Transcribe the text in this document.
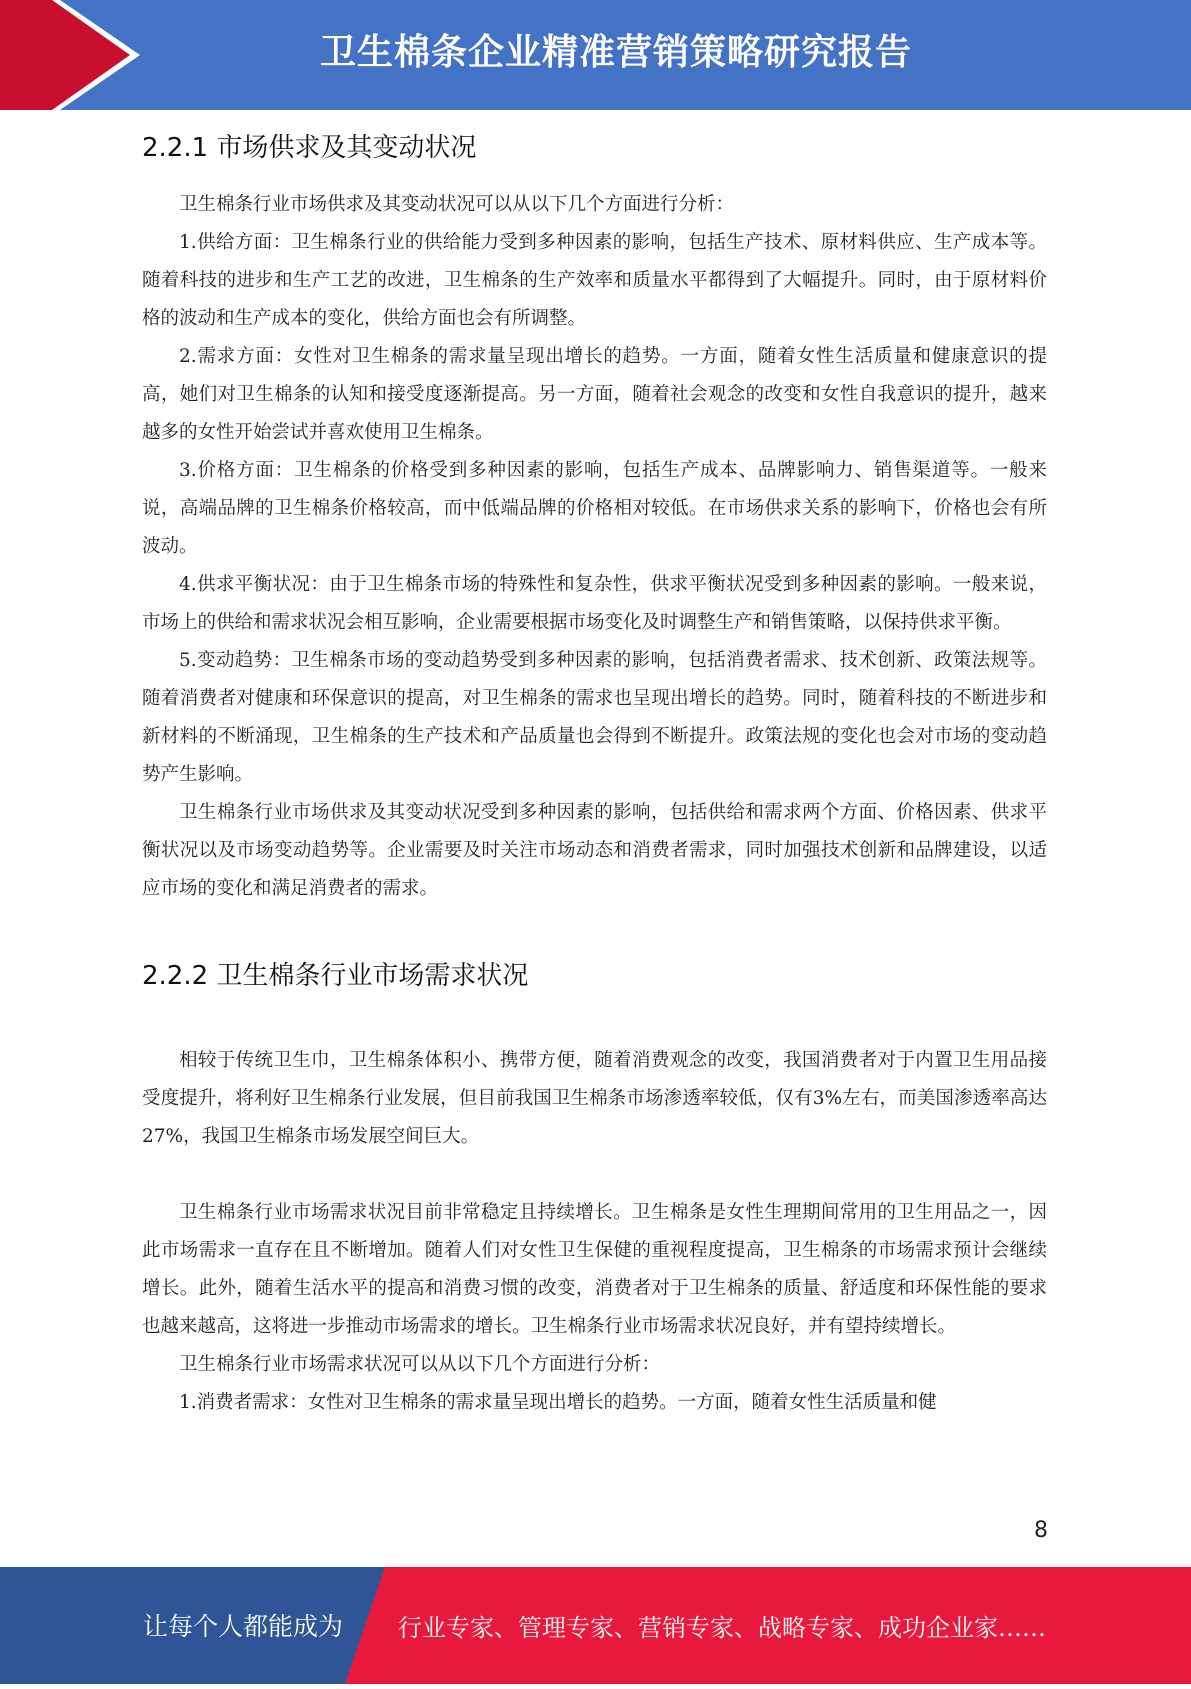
卫生棉条企业精准营销策略研究报告
2.2.1 市场供求及其变动状况

卫生棉条行业市场供求及其变动状况可以从以下几个方面进行分析：

1.供给方面：卫生棉条行业的供给能力受到多种因素的影响，包括生产技术、原材料供应、生产成本等。随着科技的进步和生产工艺的改进，卫生棉条的生产效率和质量水平都得到了大幅提升。同时，由于原材料价格的波动和生产成本的变化，供给方面也会有所调整。

2.需求方面：女性对卫生棉条的需求量呈现出增长的趋势。一方面，随着女性生活质量和健康意识的提高，她们对卫生棉条的认知和接受度逐渐提高。另一方面，随着社会观念的改变和女性自我意识的提升，越来越多的女性开始尝试并喜欢使用卫生棉条。

3.价格方面：卫生棉条的价格受到多种因素的影响，包括生产成本、品牌影响力、销售渠道等。一般来说，高端品牌的卫生棉条价格较高，而中低端品牌的价格相对较低。在市场供求关系的影响下，价格也会有所波动。

4.供求平衡状况：由于卫生棉条市场的特殊性和复杂性，供求平衡状况受到多种因素的影响。一般来说，市场上的供给和需求状况会相互影响，企业需要根据市场变化及时调整生产和销售策略，以保持供求平衡。

5.变动趋势：卫生棉条市场的变动趋势受到多种因素的影响，包括消费者需求、技术创新、政策法规等。随着消费者对健康和环保意识的提高，对卫生棉条的需求也呈现出增长的趋势。同时，随着科技的不断进步和新材料的不断涌现，卫生棉条的生产技术和产品质量也会得到不断提升。政策法规的变化也会对市场的变动趋势产生影响。

卫生棉条行业市场供求及其变动状况受到多种因素的影响，包括供给和需求两个方面、价格因素、供求平衡状况以及市场变动趋势等。企业需要及时关注市场动态和消费者需求，同时加强技术创新和品牌建设，以适应市场的变化和满足消费者的需求。

2.2.2 卫生棉条行业市场需求状况

相较于传统卫生巾，卫生棉条体积小、携带方便，随着消费观念的改变，我国消费者对于内置卫生用品接受度提升，将利好卫生棉条行业发展，但目前我国卫生棉条市场渗透率较低，仅有3%左右，而美国渗透率高达27%，我国卫生棉条市场发展空间巨大。

卫生棉条行业市场需求状况目前非常稳定且持续增长。卫生棉条是女性生理期间常用的卫生用品之一，因此市场需求一直存在且不断增加。随着人们对女性卫生保健的重视程度提高，卫生棉条的市场需求预计会继续增长。此外，随着生活水平的提高和消费习惯的改变，消费者对于卫生棉条的质量、舒适度和环保性能的要求也越来越高，这将进一步推动市场需求的增长。卫生棉条行业市场需求状况良好，并有望持续增长。

卫生棉条行业市场需求状况可以从以下几个方面进行分析：

1.消费者需求：女性对卫生棉条的需求量呈现出增长的趋势。一方面，随着女性生活质量和健

8
让每个人都能成为 行业专家、管理专家、营销专家、战略专家、成功企业家……
